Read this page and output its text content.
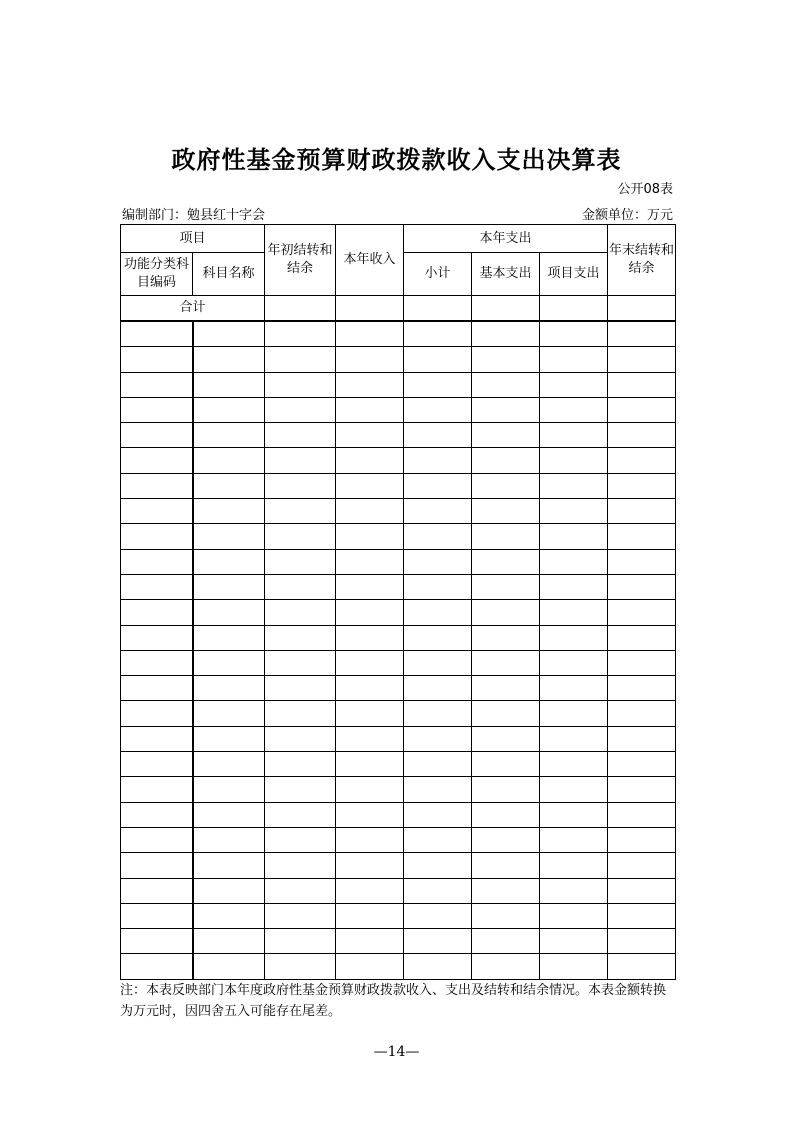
政府性基金预算财政拨款收入支出决算表
公开08表
编制部门：勉县红十字会	金额单位：万元
项目		年初结转和结余	本年收入	本年支出			年末结转和结余
功能分类科目编码	科目名称			小计	基本支出	项目支出	
合计							

注：本表反映部门本年度政府性基金预算财政拨款收入、支出及结转和结余情况。本表金额转换为万元时，因四舍五入可能存在尾差。
—14—
